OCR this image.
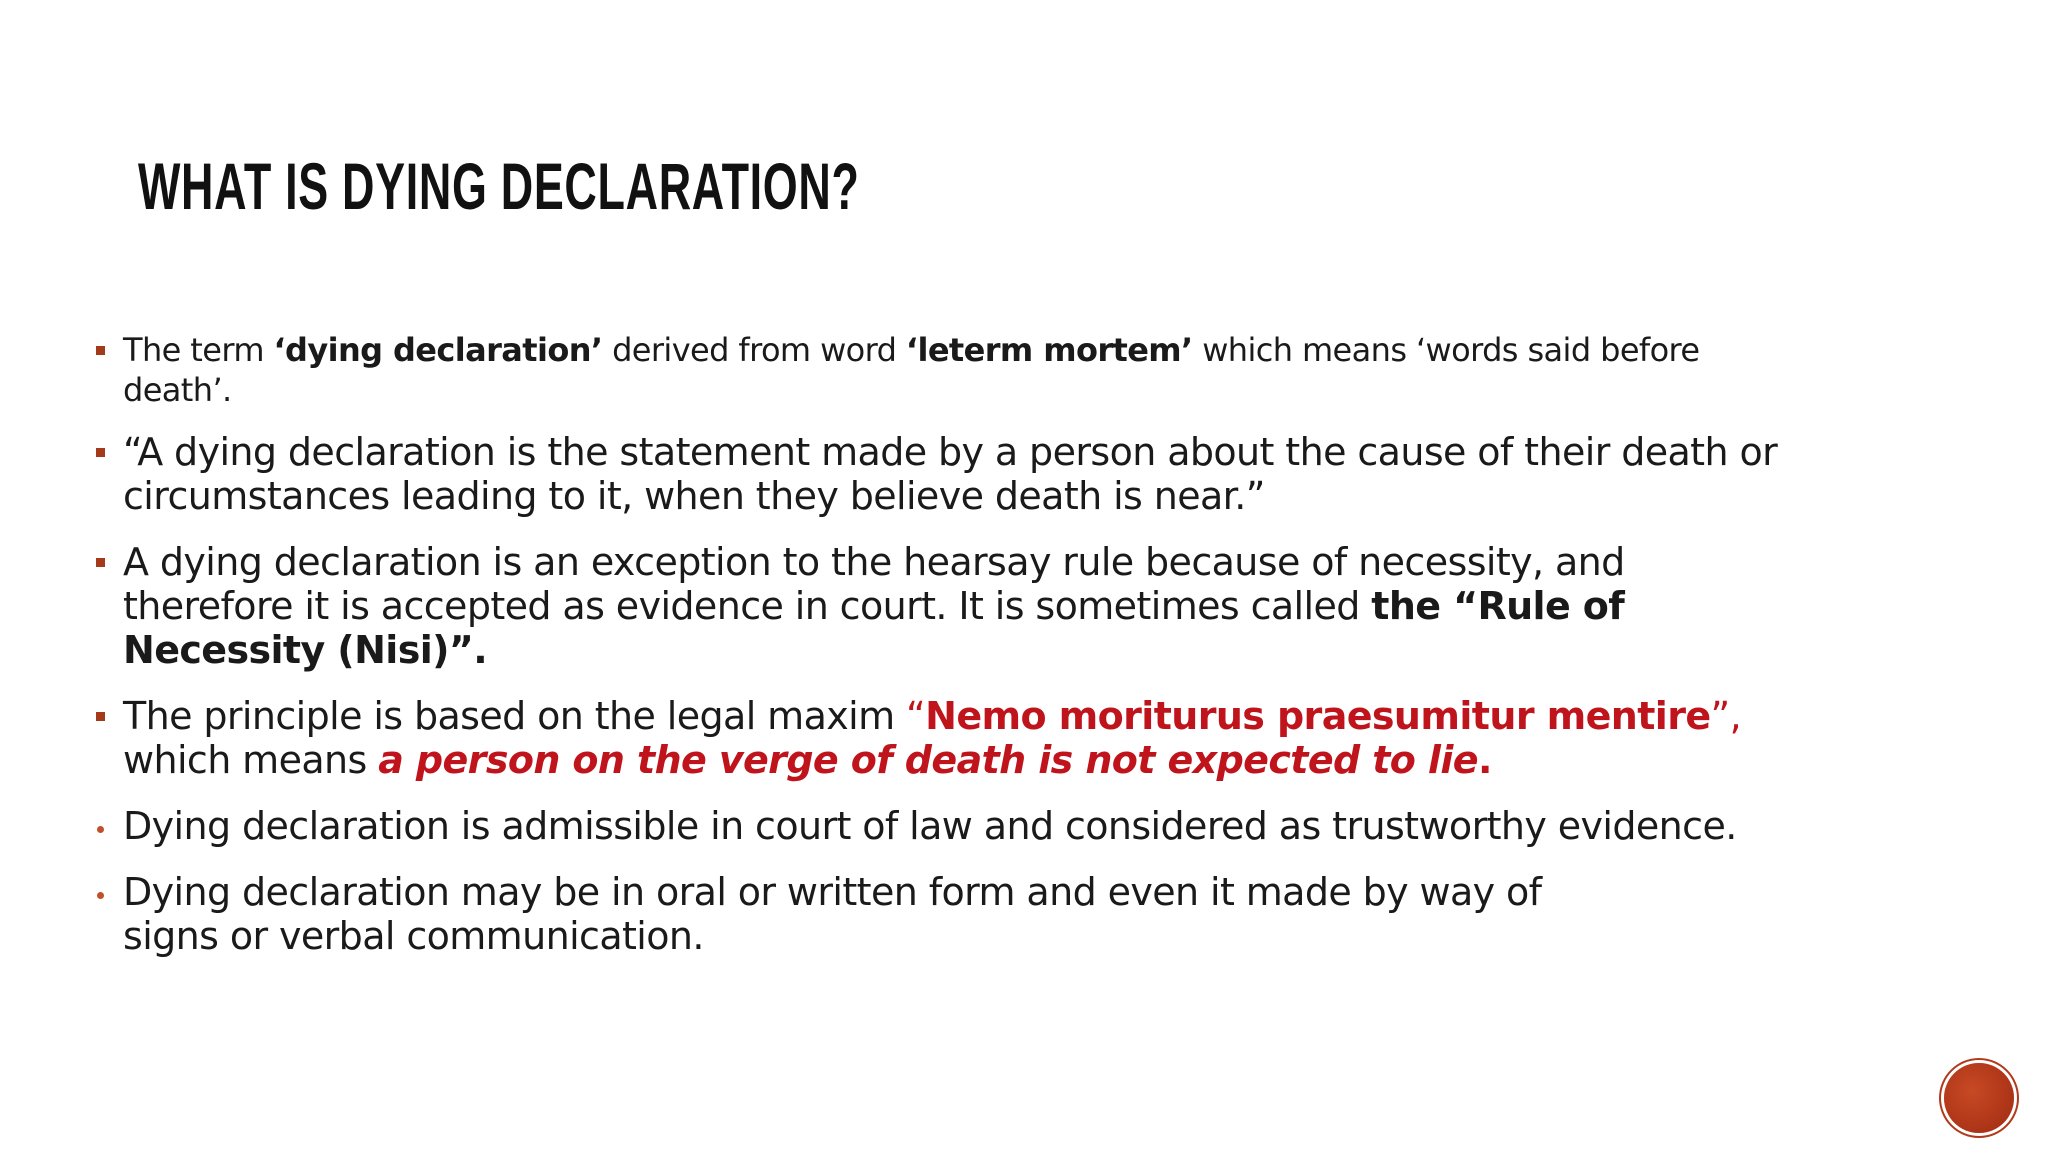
WHAT IS DYING DECLARATION?
The term ‘dying declaration’ derived from word ‘leterm mortem’ which means ‘words said before death’.
“A dying declaration is the statement made by a person about the cause of their death or circumstances leading to it, when they believe death is near.”
A dying declaration is an exception to the hearsay rule because of necessity, and therefore it is accepted as evidence in court. It is sometimes called the “Rule of Necessity (Nisi)”.
The principle is based on the legal maxim “Nemo moriturus praesumitur mentire”, which means a person on the verge of death is not expected to lie.
Dying declaration is admissible in court of law and considered as trustworthy evidence.
Dying declaration may be in oral or written form and even it made by way of
signs or verbal communication.
